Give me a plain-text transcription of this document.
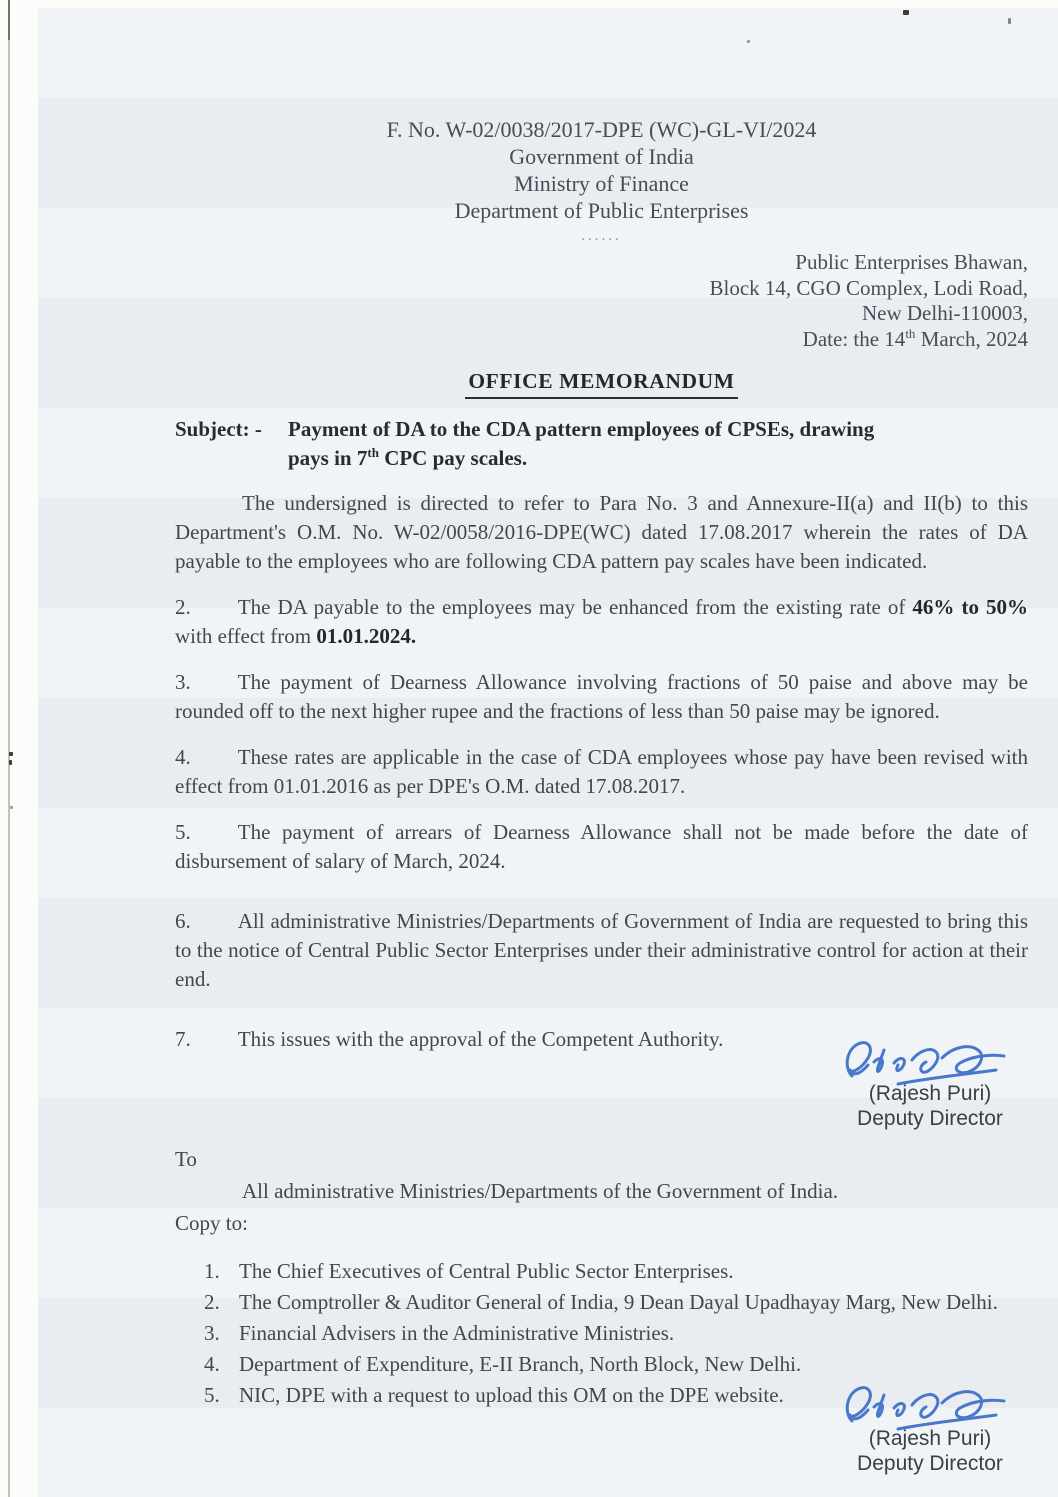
F. No. W-02/0038/2017-DPE (WC)-GL-VI/2024
Government of India
Ministry of Finance
Department of Public Enterprises
......
Public Enterprises Bhawan,
Block 14, CGO Complex, Lodi Road,
New Delhi-110003,
Date: the 14th March, 2024
OFFICE MEMORANDUM
Subject: - Payment of DA to the CDA pattern employees of CPSEs, drawing
pays in 7th CPC pay scales.

The undersigned is directed to refer to Para No. 3 and Annexure-II(a) and II(b) to this Department's O.M. No. W-02/0058/2016-DPE(WC) dated 17.08.2017 wherein the rates of DA payable to the employees who are following CDA pattern pay scales have been indicated.

2. The DA payable to the employees may be enhanced from the existing rate of 46% to 50% with effect from 01.01.2024.

3. The payment of Dearness Allowance involving fractions of 50 paise and above may be rounded off to the next higher rupee and the fractions of less than 50 paise may be ignored.

4. These rates are applicable in the case of CDA employees whose pay have been revised with effect from 01.01.2016 as per DPE's O.M. dated 17.08.2017.

5. The payment of arrears of Dearness Allowance shall not be made before the date of disbursement of salary of March, 2024.

6. All administrative Ministries/Departments of Government of India are requested to bring this to the notice of Central Public Sector Enterprises under their administrative control for action at their end.

7. This issues with the approval of the Competent Authority.

(Rajesh Puri)
Deputy Director
To
All administrative Ministries/Departments of the Government of India.
Copy to:
1. The Chief Executives of Central Public Sector Enterprises.
2. The Comptroller & Auditor General of India, 9 Dean Dayal Upadhayay Marg, New Delhi.
3. Financial Advisers in the Administrative Ministries.
4. Department of Expenditure, E-II Branch, North Block, New Delhi.
5. NIC, DPE with a request to upload this OM on the DPE website.
(Rajesh Puri)
Deputy Director
